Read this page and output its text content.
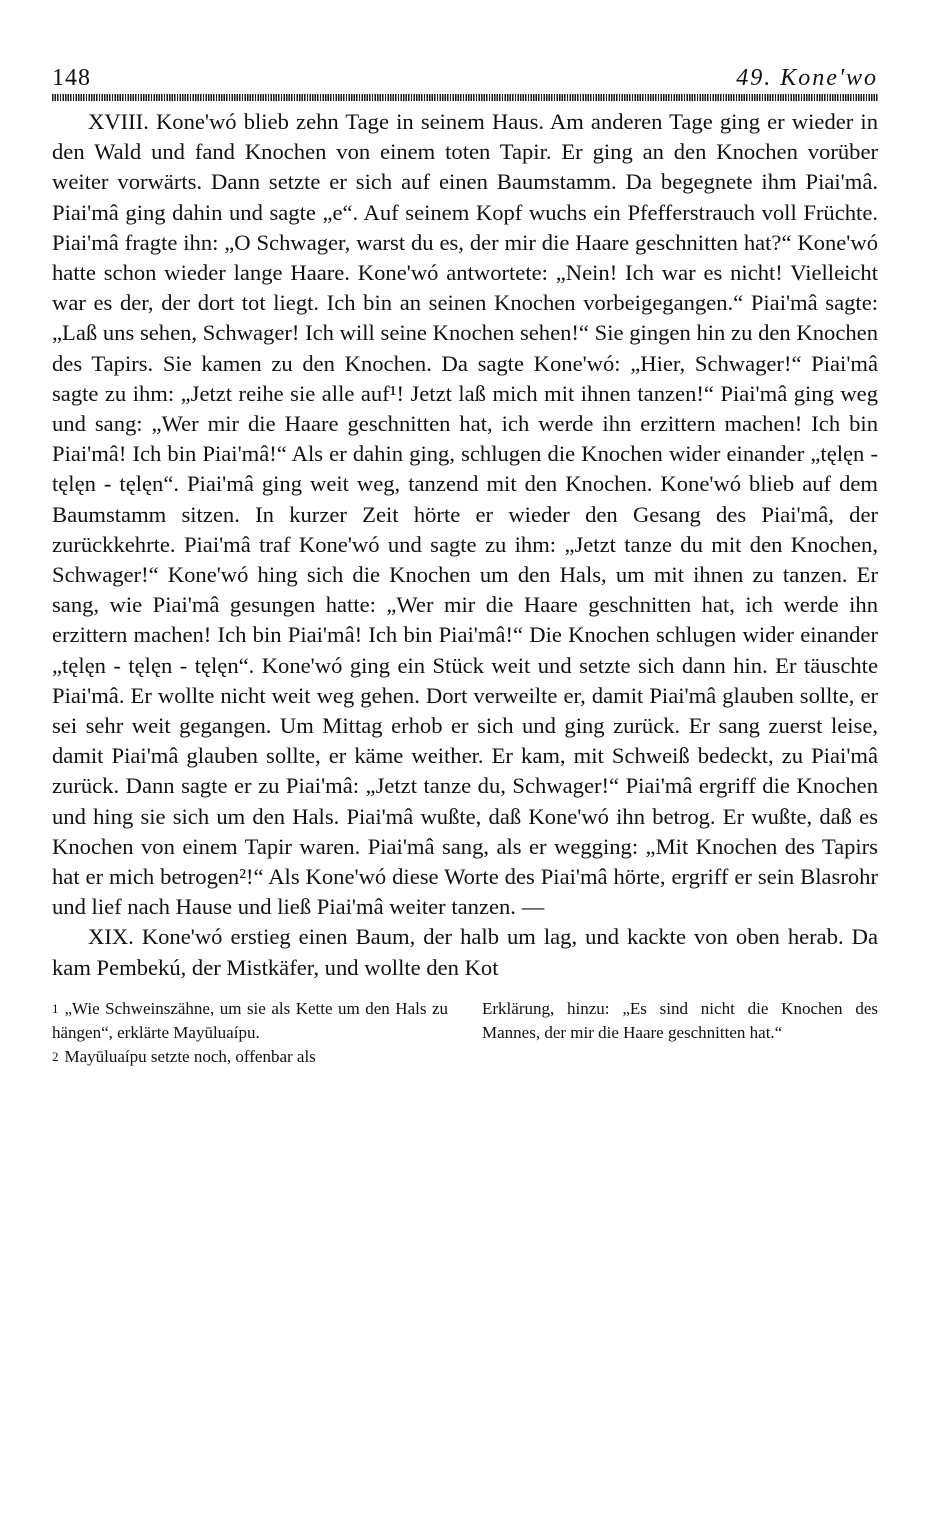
148	49. Kone'wo

XVIII. Kone'wó blieb zehn Tage in seinem Haus. Am anderen Tage ging er wieder in den Wald und fand Knochen von einem toten Tapir. Er ging an den Knochen vorüber weiter vorwärts. Dann setzte er sich auf einen Baumstamm. Da begegnete ihm Piai'mâ. Piai'mâ ging dahin und sagte „e“. Auf seinem Kopf wuchs ein Pfefferstrauch voll Früchte. Piai'mâ fragte ihn: „O Schwager, warst du es, der mir die Haare geschnitten hat?“ Kone'wó hatte schon wieder lange Haare. Kone'wó antwortete: „Nein! Ich war es nicht! Vielleicht war es der, der dort tot liegt. Ich bin an seinen Knochen vorbeigegangen.“ Piai'mâ sagte: „Laß uns sehen, Schwager! Ich will seine Knochen sehen!“ Sie gingen hin zu den Knochen des Tapirs. Sie kamen zu den Knochen. Da sagte Kone'wó: „Hier, Schwager!“ Piai'mâ sagte zu ihm: „Jetzt reihe sie alle auf¹! Jetzt laß mich mit ihnen tanzen!“ Piai'mâ ging weg und sang: „Wer mir die Haare geschnitten hat, ich werde ihn erzittern machen! Ich bin Piai'mâ! Ich bin Piai'mâ!“ Als er dahin ging, schlugen die Knochen wider einander „tęlęn - tęlęn - tęlęn“. Piai'mâ ging weit weg, tanzend mit den Knochen. Kone'wó blieb auf dem Baumstamm sitzen. In kurzer Zeit hörte er wieder den Gesang des Piai'mâ, der zurückkehrte. Piai'mâ traf Kone'wó und sagte zu ihm: „Jetzt tanze du mit den Knochen, Schwager!“ Kone'wó hing sich die Knochen um den Hals, um mit ihnen zu tanzen. Er sang, wie Piai'mâ gesungen hatte: „Wer mir die Haare geschnitten hat, ich werde ihn erzittern machen! Ich bin Piai'mâ! Ich bin Piai'mâ!“ Die Knochen schlugen wider einander „tęlęn - tęlęn - tęlęn“. Kone'wó ging ein Stück weit und setzte sich dann hin. Er täuschte Piai'mâ. Er wollte nicht weit weg gehen. Dort verweilte er, damit Piai'mâ glauben sollte, er sei sehr weit gegangen. Um Mittag erhob er sich und ging zurück. Er sang zuerst leise, damit Piai'mâ glauben sollte, er käme weither. Er kam, mit Schweiß bedeckt, zu Piai'mâ zurück. Dann sagte er zu Piai'mâ: „Jetzt tanze du, Schwager!“ Piai'mâ ergriff die Knochen und hing sie sich um den Hals. Piai'mâ wußte, daß Kone'wó ihn betrog. Er wußte, daß es Knochen von einem Tapir waren. Piai'mâ sang, als er wegging: „Mit Knochen des Tapirs hat er mich betrogen²!“ Als Kone'wó diese Worte des Piai'mâ hörte, ergriff er sein Blasrohr und lief nach Hause und ließ Piai'mâ weiter tanzen. —

XIX. Kone'wó erstieg einen Baum, der halb um lag, und kackte von oben herab. Da kam Pembekú, der Mistkäfer, und wollte den Kot

$^1$ „Wie Schweinszähne, um sie als Kette um den Hals zu hängen“, erklärte Mayūluaípu.

$^2$ Mayūluaípu setzte noch, offenbar als

Erklärung, hinzu: „Es sind nicht die Knochen des Mannes, der mir die Haare geschnitten hat.“
